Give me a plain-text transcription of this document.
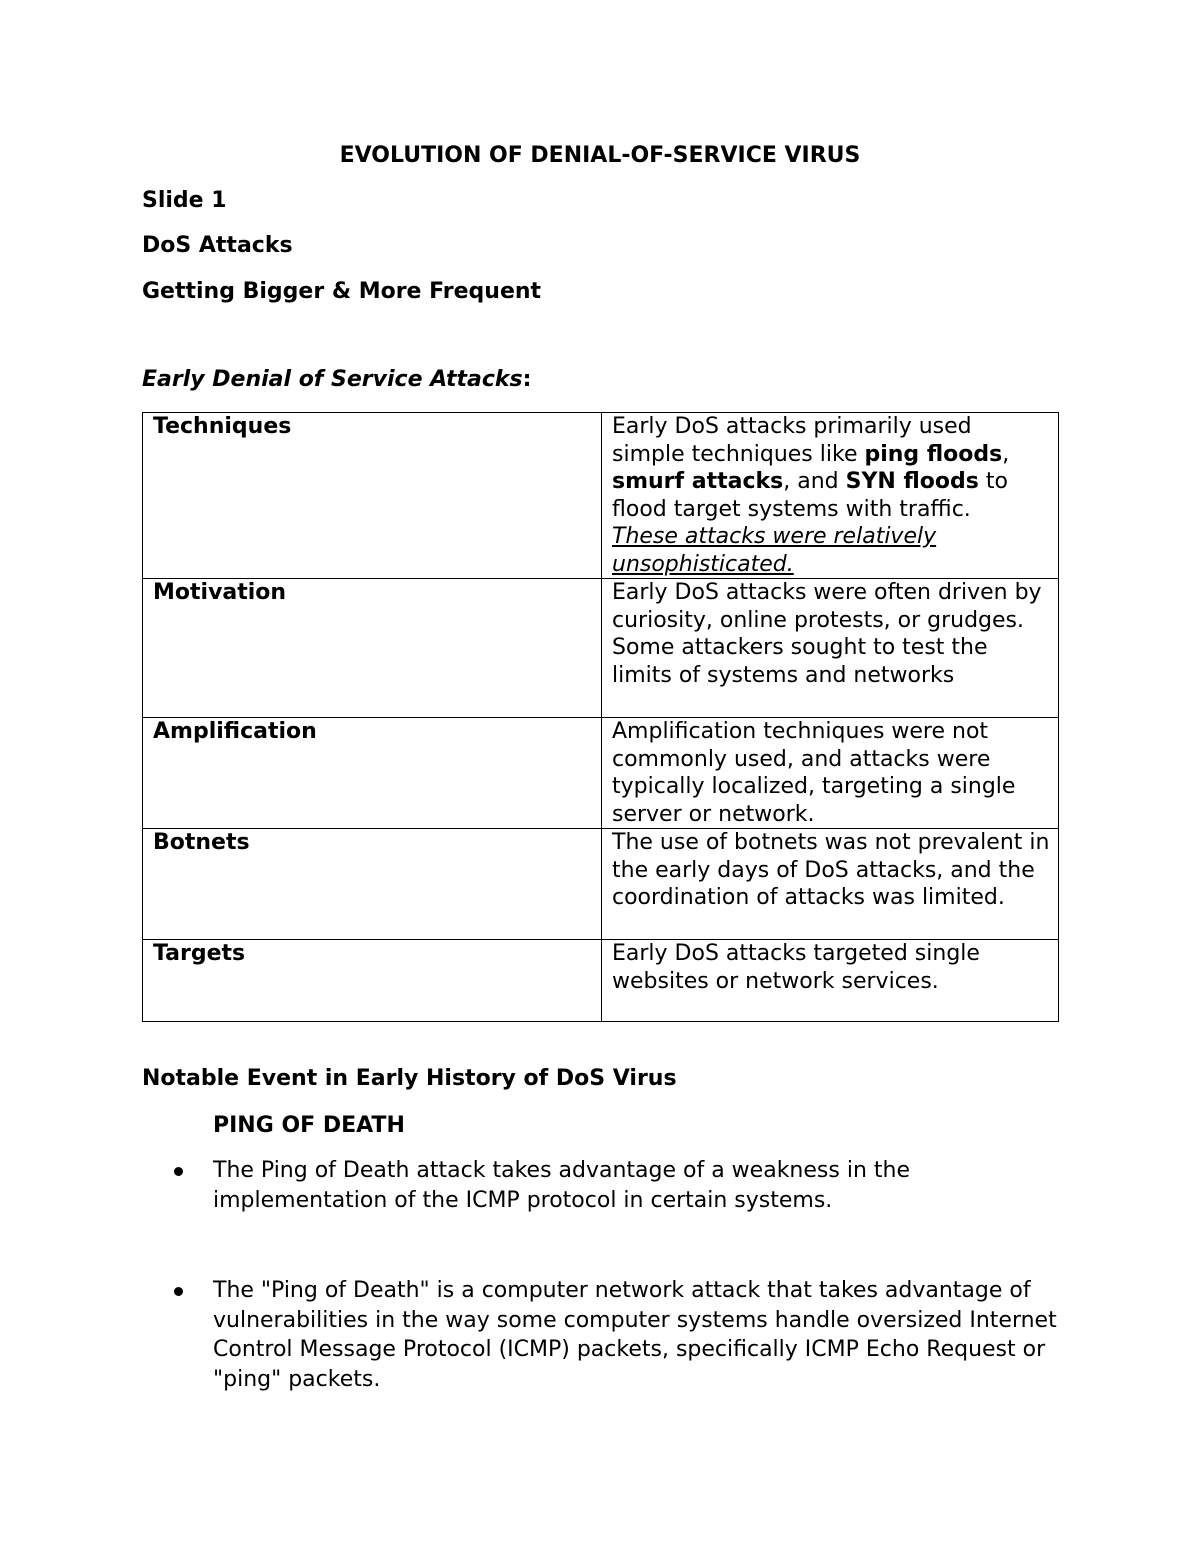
EVOLUTION OF DENIAL-OF-SERVICE VIRUS

Slide 1

DoS Attacks

Getting Bigger & More Frequent

Early Denial of Service Attacks:

Techniques	Early DoS attacks primarily used simple techniques like ping floods, smurf attacks, and SYN floods to flood target systems with traffic.
These attacks were relatively unsophisticated.
Motivation	Early DoS attacks were often driven by curiosity, online protests, or grudges. Some attackers sought to test the limits of systems and networks
Amplification	Amplification techniques were not commonly used, and attacks were typically localized, targeting a single server or network.
Botnets	The use of botnets was not prevalent in the early days of DoS attacks, and the coordination of attacks was limited.
Targets	Early DoS attacks targeted single websites or network services.

Notable Event in Early History of DoS Virus

PING OF DEATH

The Ping of Death attack takes advantage of a weakness in the implementation of the ICMP protocol in certain systems.
The "Ping of Death" is a computer network attack that takes advantage of vulnerabilities in the way some computer systems handle oversized Internet Control Message Protocol (ICMP) packets, specifically ICMP Echo Request or "ping" packets.
